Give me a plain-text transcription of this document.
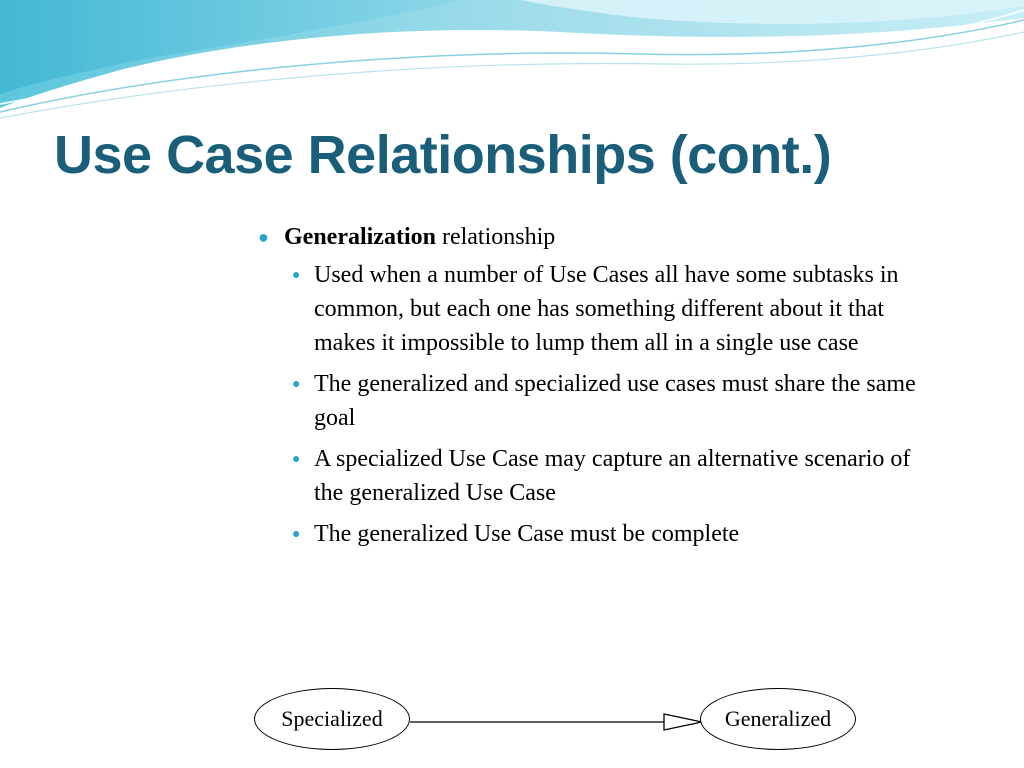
Use Case Relationships (cont.)
● Generalization relationship
● Used when a number of Use Cases all have some subtasks in common, but each one has something different about it that makes it impossible to lump them all in a single use case
● The generalized and specialized use cases must share the same goal
● A specialized Use Case may capture an alternative scenario of the generalized Use Case
● The generalized Use Case must be complete
Specialized	Generalized
